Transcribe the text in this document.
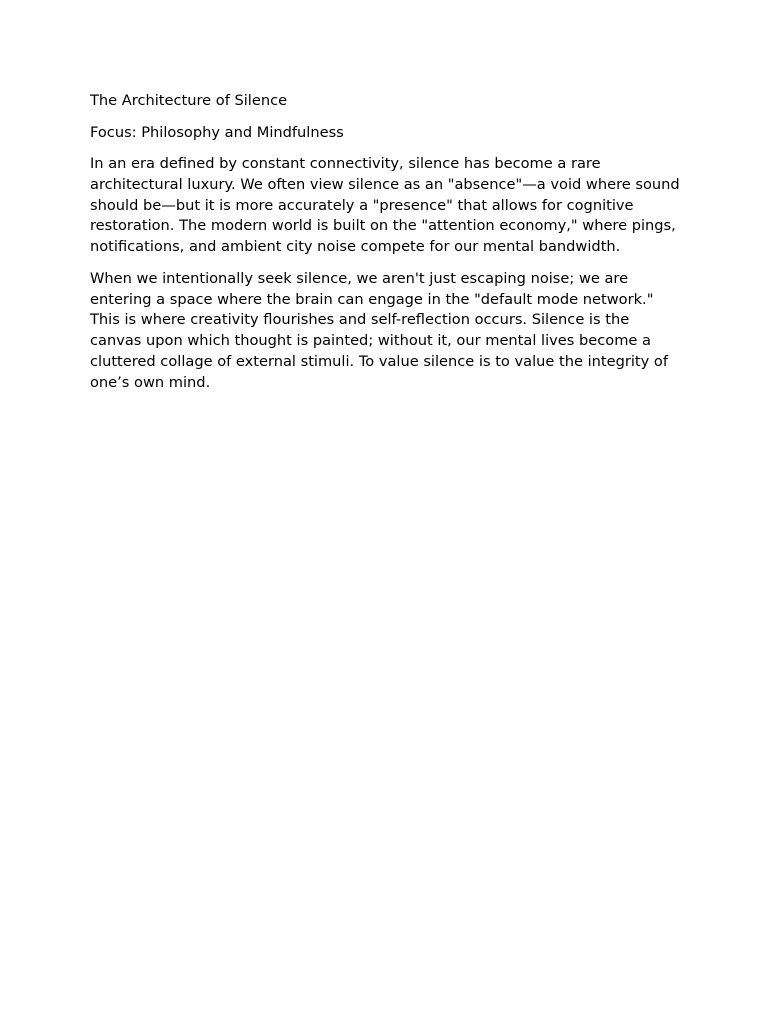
The Architecture of Silence
Focus: Philosophy and Mindfulness

In an era defined by constant connectivity, silence has become a rare architectural luxury. We often view silence as an "absence"—a void where sound should be—but it is more accurately a "presence" that allows for cognitive restoration. The modern world is built on the "attention economy," where pings, notifications, and ambient city noise compete for our mental bandwidth.

When we intentionally seek silence, we aren't just escaping noise; we are entering a space where the brain can engage in the "default mode network." This is where creativity flourishes and self-reflection occurs. Silence is the canvas upon which thought is painted; without it, our mental lives become a cluttered collage of external stimuli. To value silence is to value the integrity of one’s own mind.
